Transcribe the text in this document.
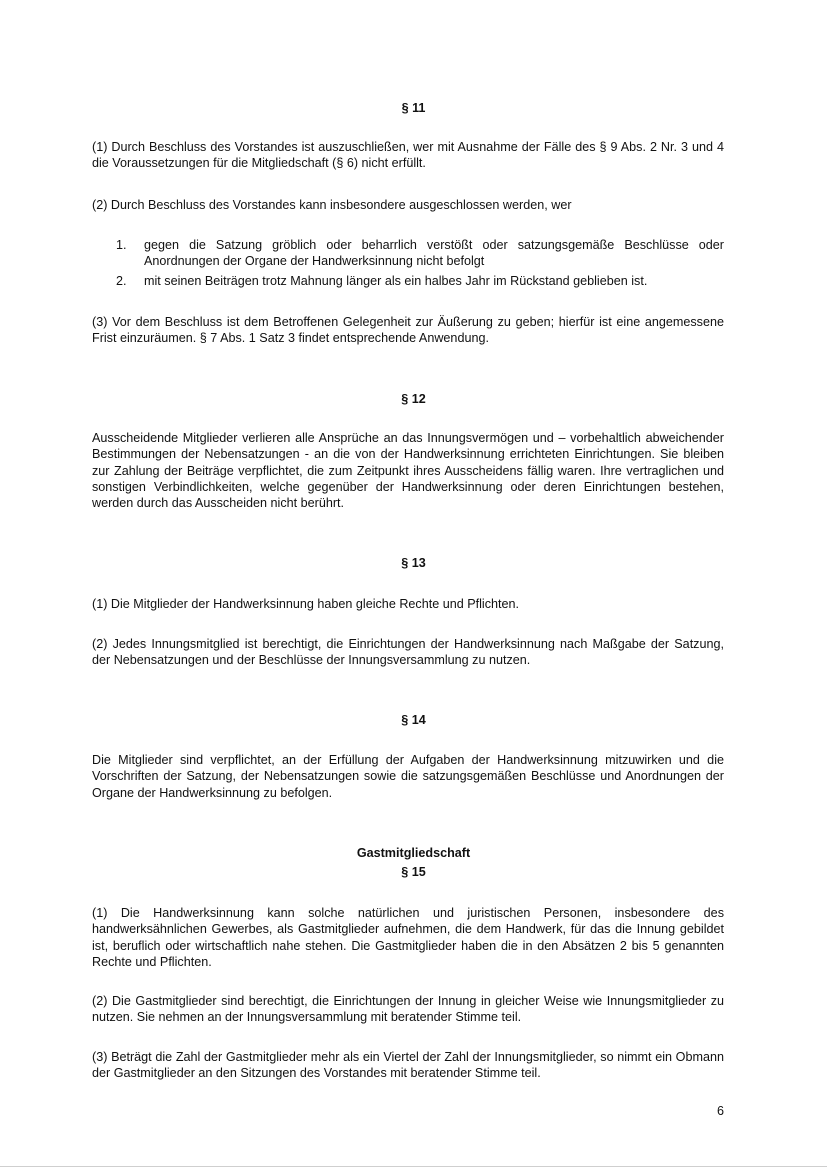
§ 11

(1) Durch Beschluss des Vorstandes ist auszuschließen, wer mit Ausnahme der Fälle des § 9 Abs. 2 Nr. 3 und 4 die Voraussetzungen für die Mitgliedschaft (§ 6) nicht erfüllt.

(2) Durch Beschluss des Vorstandes kann insbesondere ausgeschlossen werden, wer

1.	gegen die Satzung gröblich oder beharrlich verstößt oder satzungsgemäße Beschlüsse oder Anordnungen der Organe der Handwerksinnung nicht befolgt
2.	mit seinen Beiträgen trotz Mahnung länger als ein halbes Jahr im Rückstand geblieben ist.

(3) Vor dem Beschluss ist dem Betroffenen Gelegenheit zur Äußerung zu geben; hierfür ist eine angemessene Frist einzuräumen. § 7 Abs. 1 Satz 3 findet entsprechende Anwendung.

§ 12

Ausscheidende Mitglieder verlieren alle Ansprüche an das Innungsvermögen und – vorbehaltlich abweichender Bestimmungen der Nebensatzungen - an die von der Handwerksinnung errichteten Einrichtungen. Sie bleiben zur Zahlung der Beiträge verpflichtet, die zum Zeitpunkt ihres Ausscheidens fällig waren. Ihre vertraglichen und sonstigen Verbindlichkeiten, welche gegenüber der Handwerksinnung oder deren Einrichtungen bestehen, werden durch das Ausscheiden nicht berührt.

§ 13

(1) Die Mitglieder der Handwerksinnung haben gleiche Rechte und Pflichten.

(2) Jedes Innungsmitglied ist berechtigt, die Einrichtungen der Handwerksinnung nach Maßgabe der Satzung, der Nebensatzungen und der Beschlüsse der Innungsversammlung zu nutzen.

§ 14

Die Mitglieder sind verpflichtet, an der Erfüllung der Aufgaben der Handwerksinnung mitzuwirken und die Vorschriften der Satzung, der Nebensatzungen sowie die satzungsgemäßen Beschlüsse und Anordnungen der Organe der Handwerksinnung zu befolgen.

Gastmitgliedschaft
§ 15

(1) Die Handwerksinnung kann solche natürlichen und juristischen Personen, insbesondere des handwerksähnlichen Gewerbes, als Gastmitglieder aufnehmen, die dem Handwerk, für das die Innung gebildet ist, beruflich oder wirtschaftlich nahe stehen. Die Gastmitglieder haben die in den Absätzen 2 bis 5 genannten Rechte und Pflichten.

(2) Die Gastmitglieder sind berechtigt, die Einrichtungen der Innung in gleicher Weise wie Innungsmitglieder zu nutzen. Sie nehmen an der Innungsversammlung mit beratender Stimme teil.

(3) Beträgt die Zahl der Gastmitglieder mehr als ein Viertel der Zahl der Innungsmitglieder, so nimmt ein Obmann der Gastmitglieder an den Sitzungen des Vorstandes mit beratender Stimme teil.

6
